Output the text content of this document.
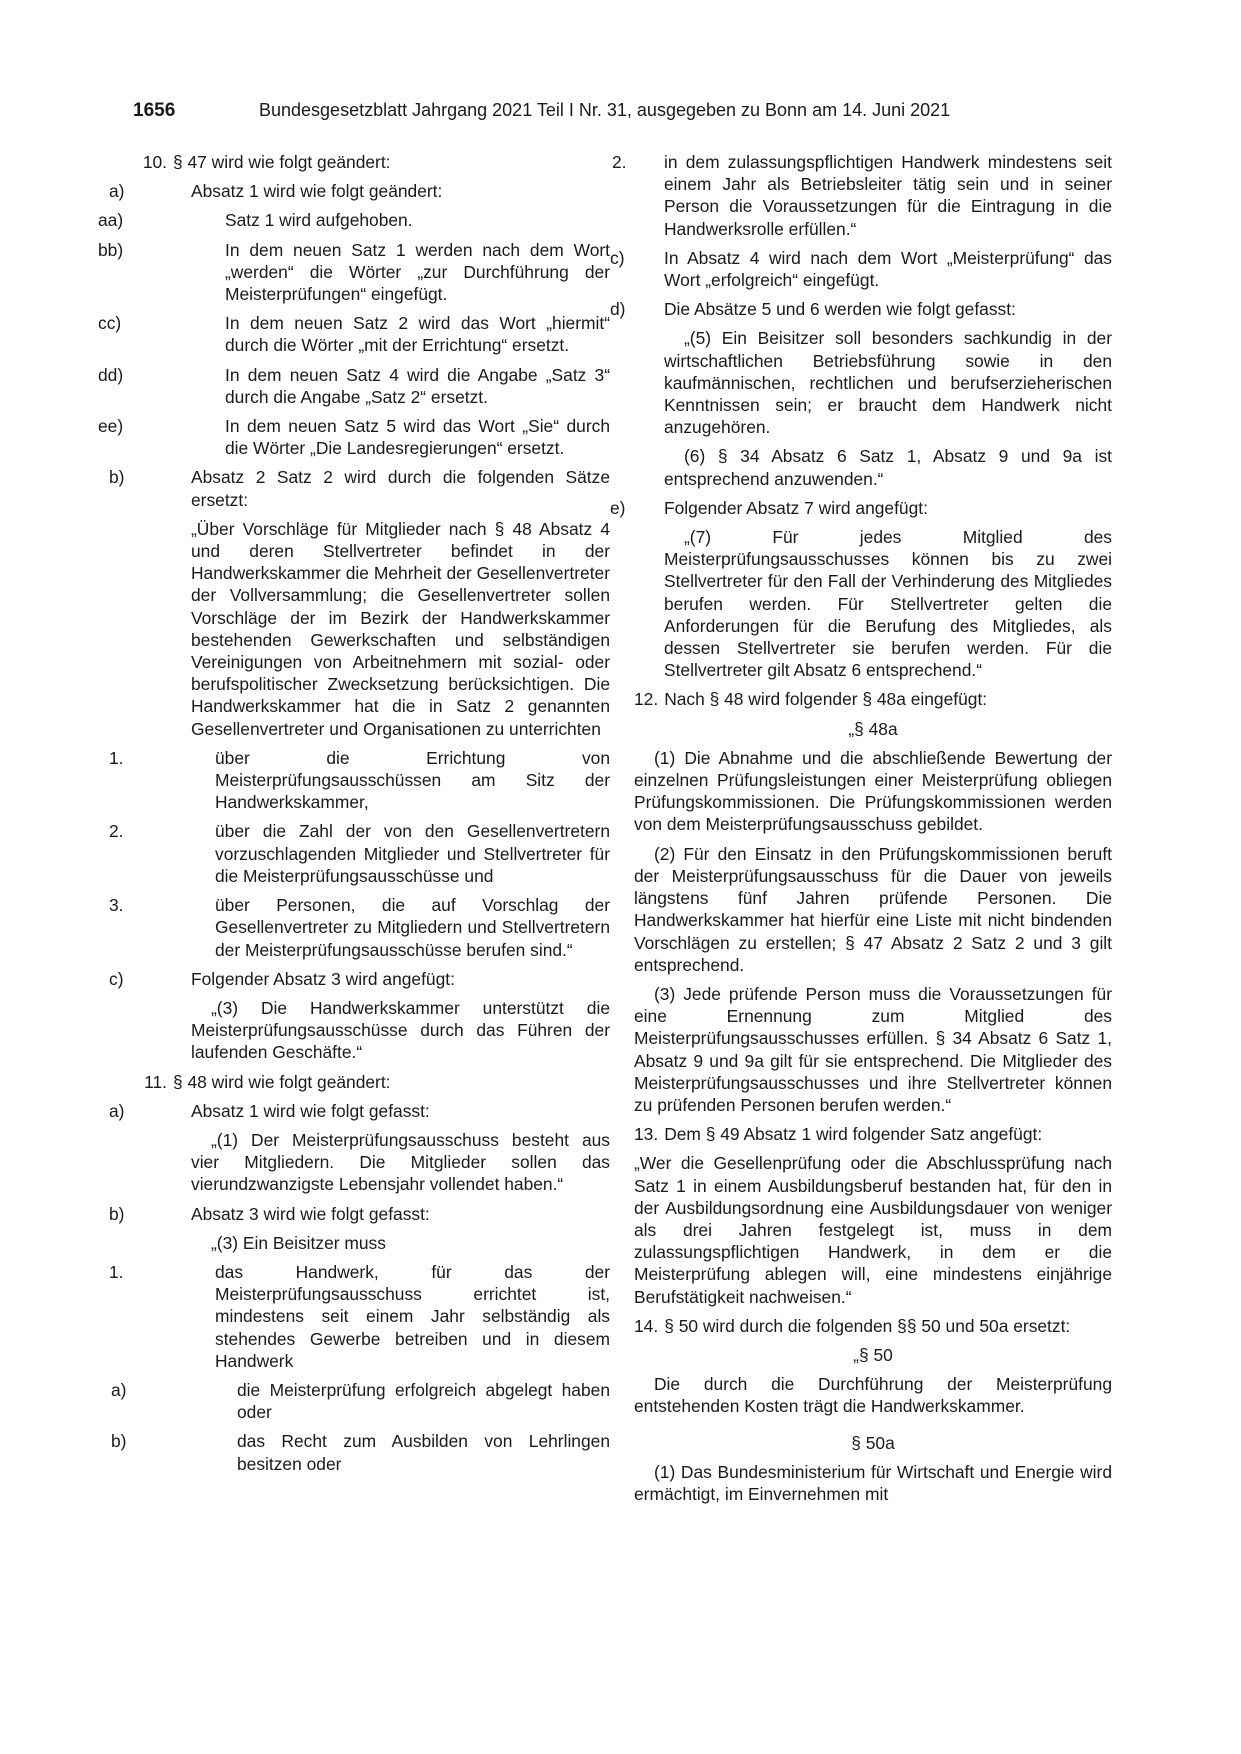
1656	Bundesgesetzblatt Jahrgang 2021 Teil I Nr. 31, ausgegeben zu Bonn am 14. Juni 2021
10. § 47 wird wie folgt geändert:
a)	Absatz 1 wird wie folgt geändert:
aa)	Satz 1 wird aufgehoben.
bb)	In dem neuen Satz 1 werden nach dem Wort „werden“ die Wörter „zur Durchführung der Meisterprüfungen“ eingefügt.
cc)	In dem neuen Satz 2 wird das Wort „hiermit“ durch die Wörter „mit der Errichtung“ ersetzt.
dd)	In dem neuen Satz 4 wird die Angabe „Satz 3“ durch die Angabe „Satz 2“ ersetzt.
ee)	In dem neuen Satz 5 wird das Wort „Sie“ durch die Wörter „Die Landesregierungen“ ersetzt.
b)	Absatz 2 Satz 2 wird durch die folgenden Sätze ersetzt:
„Über Vorschläge für Mitglieder nach § 48 Absatz 4 und deren Stellvertreter befindet in der Handwerkskammer die Mehrheit der Gesellenvertreter der Vollversammlung; die Gesellenvertreter sollen Vorschläge der im Bezirk der Handwerkskammer bestehenden Gewerkschaften und selbständigen Vereinigungen von Arbeitnehmern mit sozial- oder berufspolitischer Zwecksetzung berücksichtigen. Die Handwerkskammer hat die in Satz 2 genannten Gesellenvertreter und Organisationen zu unterrichten
1.	über die Errichtung von Meisterprüfungsausschüssen am Sitz der Handwerkskammer,
2.	über die Zahl der von den Gesellenvertretern vorzuschlagenden Mitglieder und Stellvertreter für die Meisterprüfungsausschüsse und
3.	über Personen, die auf Vorschlag der Gesellenvertreter zu Mitgliedern und Stellvertretern der Meisterprüfungsausschüsse berufen sind.“
c)	Folgender Absatz 3 wird angefügt:
„(3) Die Handwerkskammer unterstützt die Meisterprüfungsausschüsse durch das Führen der laufenden Geschäfte.“
11. § 48 wird wie folgt geändert:
a)	Absatz 1 wird wie folgt gefasst:
„(1) Der Meisterprüfungsausschuss besteht aus vier Mitgliedern. Die Mitglieder sollen das vierundzwanzigste Lebensjahr vollendet haben.“
b)	Absatz 3 wird wie folgt gefasst:
„(3) Ein Beisitzer muss
1.	das Handwerk, für das der Meisterprüfungsausschuss errichtet ist, mindestens seit einem Jahr selbständig als stehendes Gewerbe betreiben und in diesem Handwerk
a)	die Meisterprüfung erfolgreich abgelegt haben oder
b)	das Recht zum Ausbilden von Lehrlingen besitzen oder
2. in dem zulassungspflichtigen Handwerk mindestens seit einem Jahr als Betriebsleiter tätig sein und in seiner Person die Voraussetzungen für die Eintragung in die Handwerksrolle erfüllen.“
c)	In Absatz 4 wird nach dem Wort „Meisterprüfung“ das Wort „erfolgreich“ eingefügt.
d)	Die Absätze 5 und 6 werden wie folgt gefasst:
„(5) Ein Beisitzer soll besonders sachkundig in der wirtschaftlichen Betriebsführung sowie in den kaufmännischen, rechtlichen und berufserzieherischen Kenntnissen sein; er braucht dem Handwerk nicht anzugehören.
(6) § 34 Absatz 6 Satz 1, Absatz 9 und 9a ist entsprechend anzuwenden.“
e)	Folgender Absatz 7 wird angefügt:
„(7) Für jedes Mitglied des Meisterprüfungsausschusses können bis zu zwei Stellvertreter für den Fall der Verhinderung des Mitgliedes berufen werden. Für Stellvertreter gelten die Anforderungen für die Berufung des Mitgliedes, als dessen Stellvertreter sie berufen werden. Für die Stellvertreter gilt Absatz 6 entsprechend.“
12. Nach § 48 wird folgender § 48a eingefügt:
„§ 48a
(1) Die Abnahme und die abschließende Bewertung der einzelnen Prüfungsleistungen einer Meisterprüfung obliegen Prüfungskommissionen. Die Prüfungskommissionen werden von dem Meisterprüfungsausschuss gebildet.
(2) Für den Einsatz in den Prüfungskommissionen beruft der Meisterprüfungsausschuss für die Dauer von jeweils längstens fünf Jahren prüfende Personen. Die Handwerkskammer hat hierfür eine Liste mit nicht bindenden Vorschlägen zu erstellen; § 47 Absatz 2 Satz 2 und 3 gilt entsprechend.
(3) Jede prüfende Person muss die Voraussetzungen für eine Ernennung zum Mitglied des Meisterprüfungsausschusses erfüllen. § 34 Absatz 6 Satz 1, Absatz 9 und 9a gilt für sie entsprechend. Die Mitglieder des Meisterprüfungsausschusses und ihre Stellvertreter können zu prüfenden Personen berufen werden.“
13. Dem § 49 Absatz 1 wird folgender Satz angefügt:
„Wer die Gesellenprüfung oder die Abschlussprüfung nach Satz 1 in einem Ausbildungsberuf bestanden hat, für den in der Ausbildungsordnung eine Ausbildungsdauer von weniger als drei Jahren festgelegt ist, muss in dem zulassungspflichtigen Handwerk, in dem er die Meisterprüfung ablegen will, eine mindestens einjährige Berufstätigkeit nachweisen.“
14. § 50 wird durch die folgenden §§ 50 und 50a ersetzt:
„§ 50
Die durch die Durchführung der Meisterprüfung entstehenden Kosten trägt die Handwerkskammer.
§ 50a
(1) Das Bundesministerium für Wirtschaft und Energie wird ermächtigt, im Einvernehmen mit
